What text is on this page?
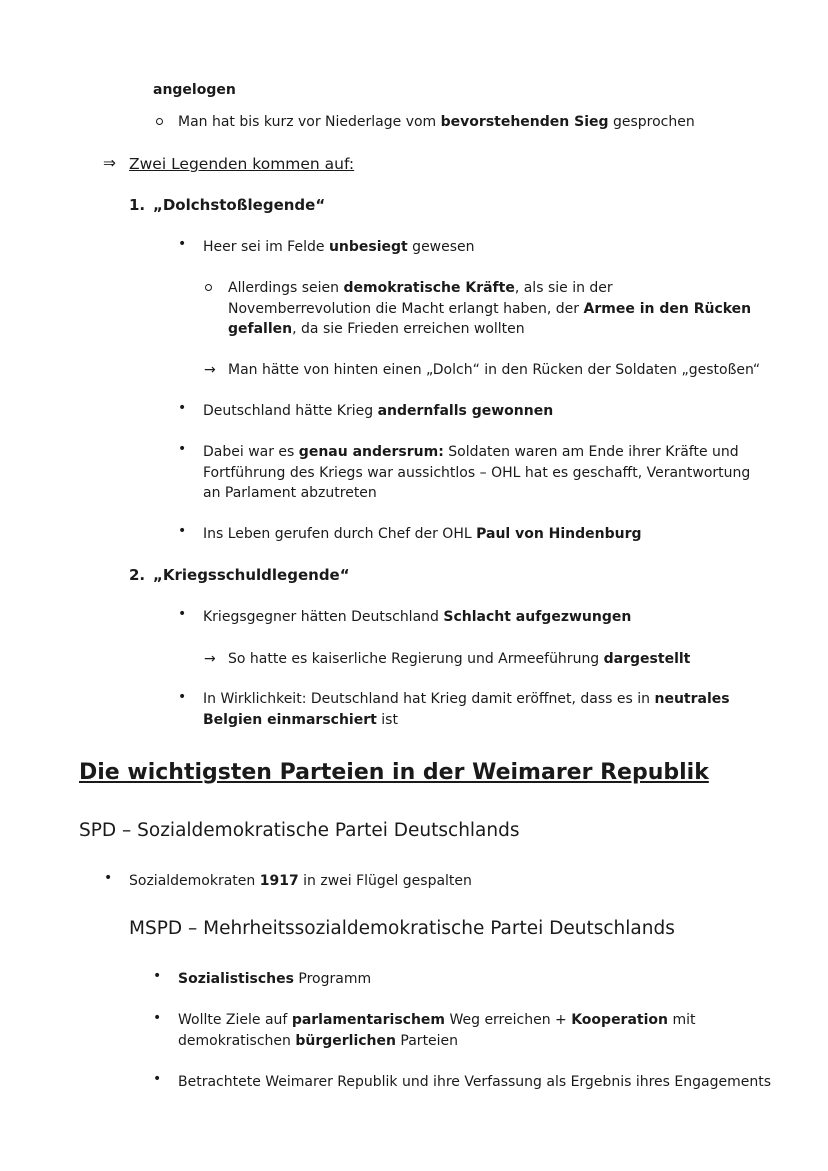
angelogen
Man hat bis kurz vor Niederlage vom bevorstehenden Sieg gesprochen
⇒ Zwei Legenden kommen auf:
1. „Dolchstoßlegende“
• Heer sei im Felde unbesiegt gewesen
Allerdings seien demokratische Kräfte, als sie in der Novemberrevolution die Macht erlangt haben, der Armee in den Rücken gefallen, da sie Frieden erreichen wollten
→ Man hätte von hinten einen „Dolch“ in den Rücken der Soldaten „gestoßen“
• Deutschland hätte Krieg andernfalls gewonnen
• Dabei war es genau andersrum: Soldaten waren am Ende ihrer Kräfte und Fortführung des Kriegs war aussichtlos – OHL hat es geschafft, Verantwortung an Parlament abzutreten
• Ins Leben gerufen durch Chef der OHL Paul von Hindenburg
2. „Kriegsschuldlegende“
• Kriegsgegner hätten Deutschland Schlacht aufgezwungen
→ So hatte es kaiserliche Regierung und Armeeführung dargestellt
• In Wirklichkeit: Deutschland hat Krieg damit eröffnet, dass es in neutrales Belgien einmarschiert ist
Die wichtigsten Parteien in der Weimarer Republik
SPD – Sozialdemokratische Partei Deutschlands
• Sozialdemokraten 1917 in zwei Flügel gespalten
MSPD – Mehrheitssozialdemokratische Partei Deutschlands
• Sozialistisches Programm
• Wollte Ziele auf parlamentarischem Weg erreichen + Kooperation mit demokratischen bürgerlichen Parteien
• Betrachtete Weimarer Republik und ihre Verfassung als Ergebnis ihres Engagements
